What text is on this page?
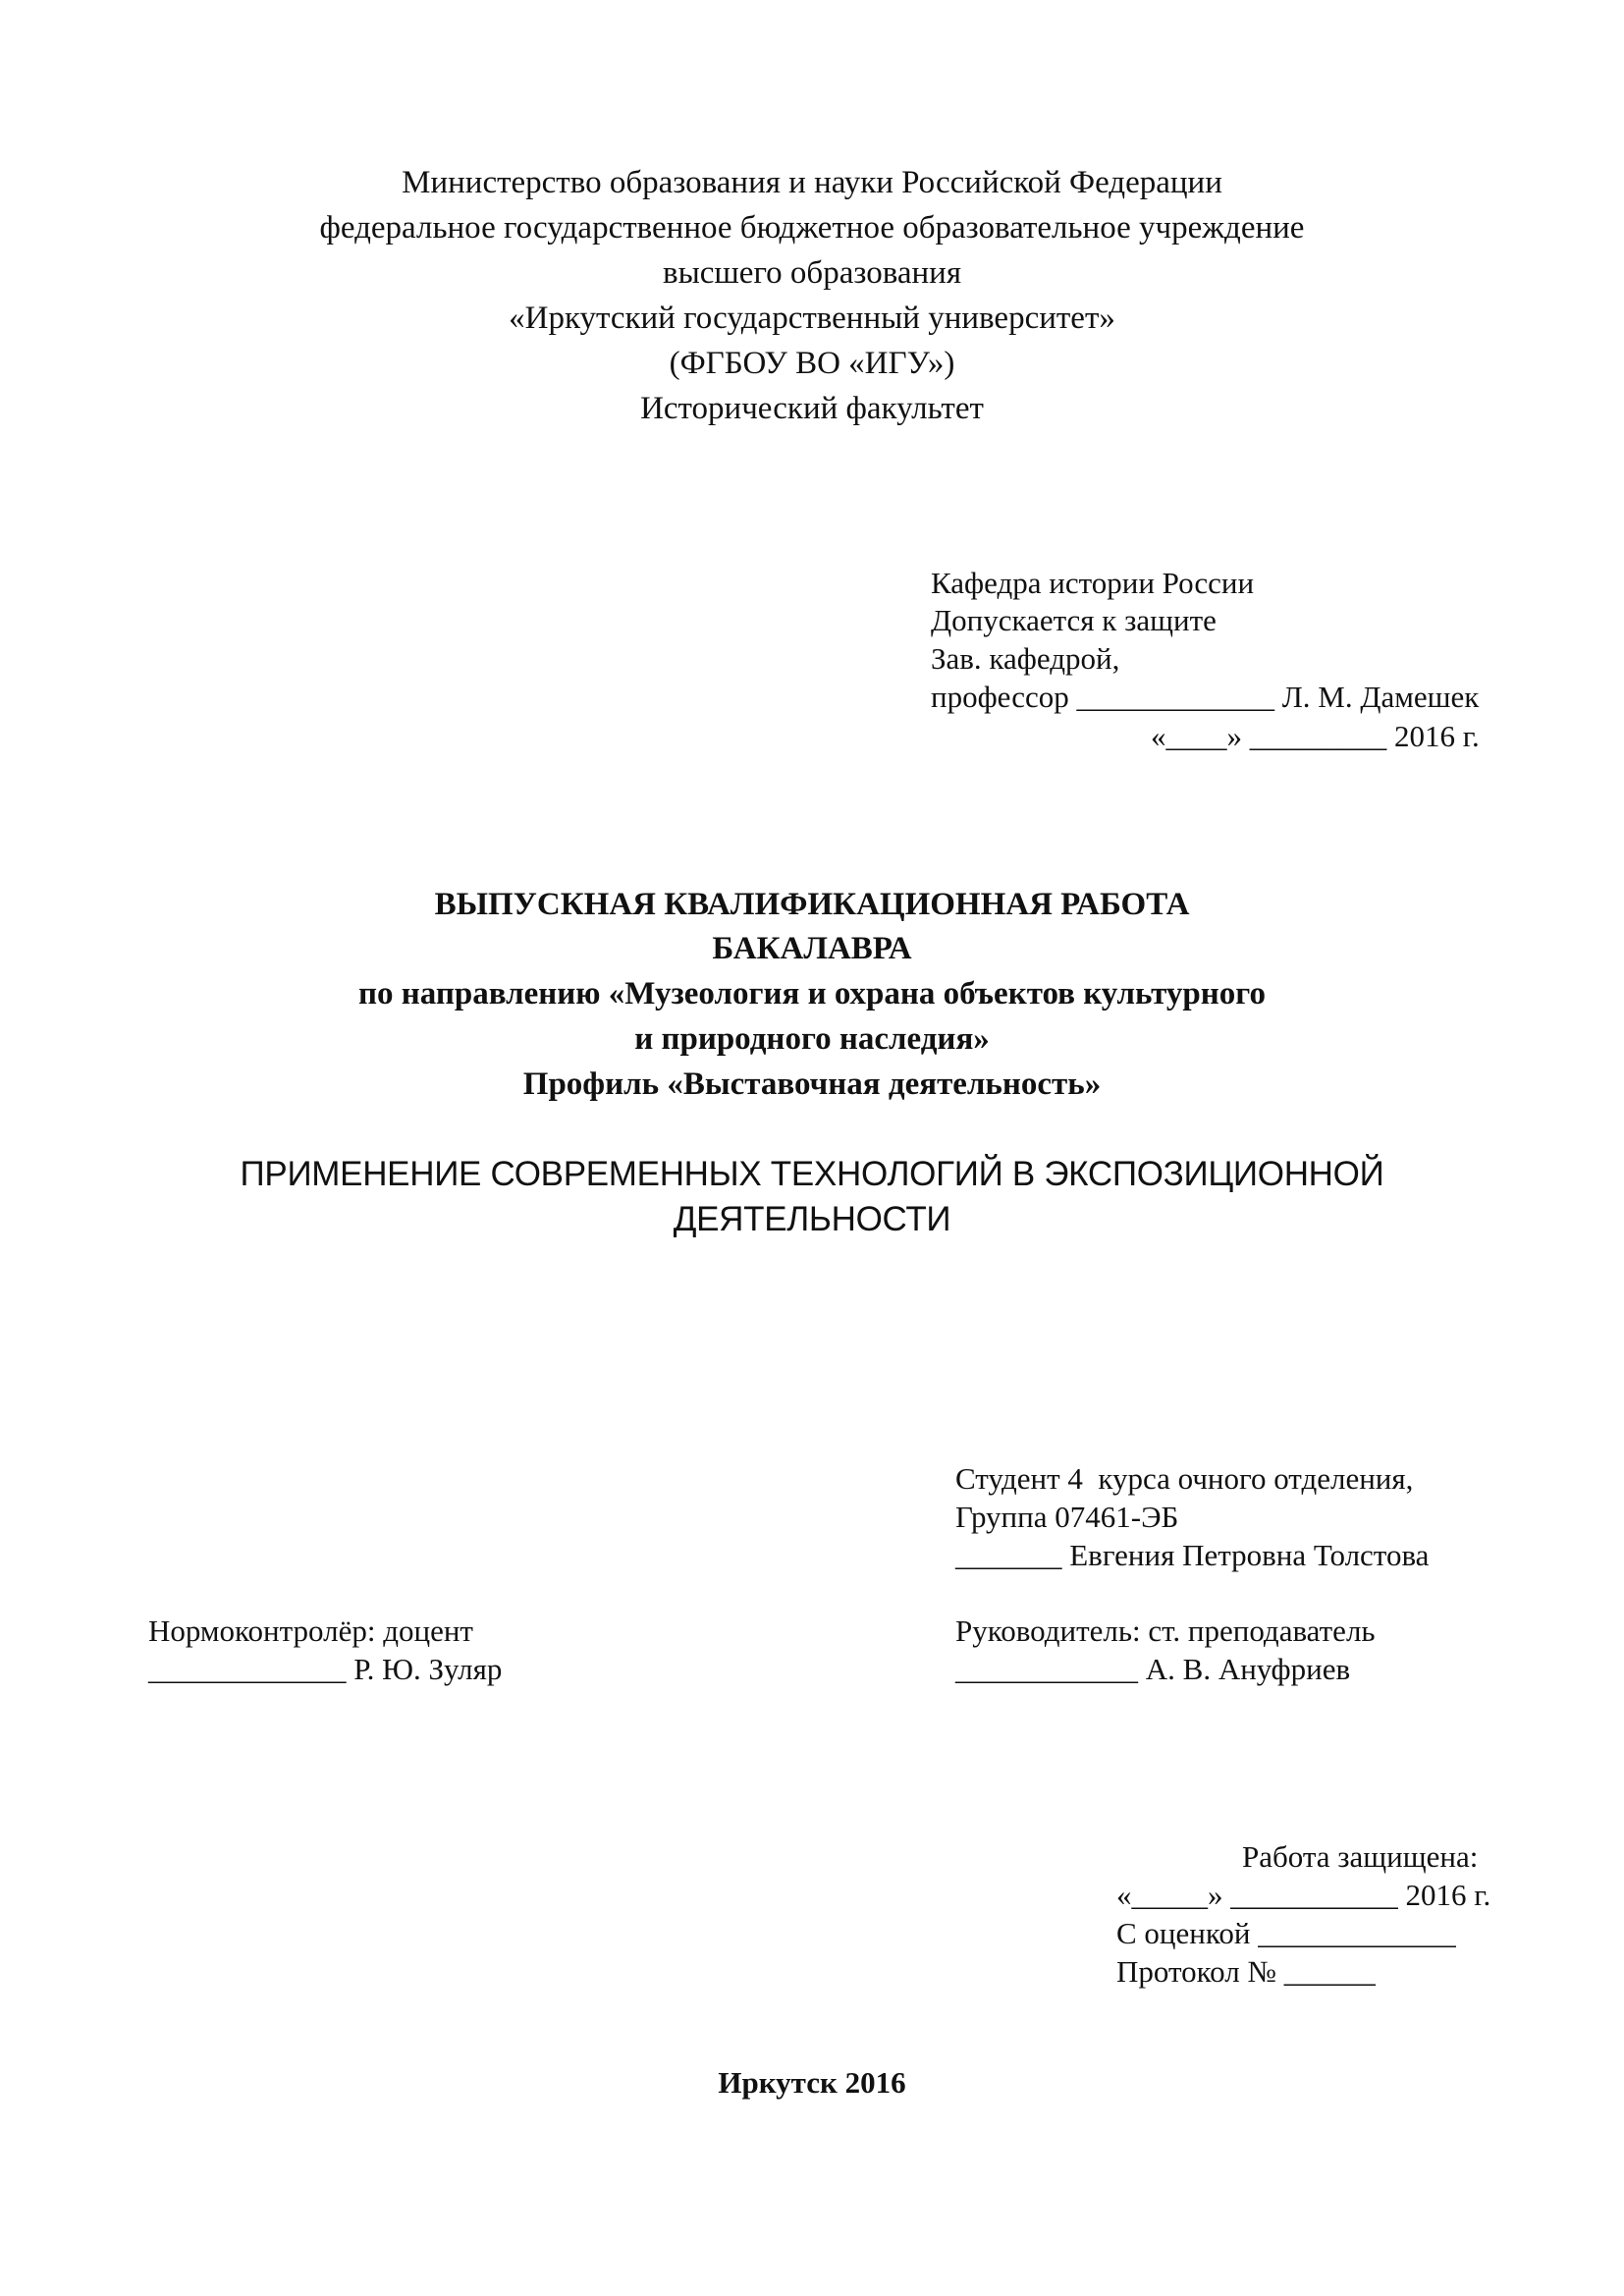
Министерство образования и науки Российской Федерации
федеральное государственное бюджетное образовательное учреждение
высшего образования
«Иркутский государственный университет»
(ФГБОУ ВО «ИГУ»)
Исторический факультет
Кафедра истории России
Допускается к защите
Зав. кафедрой,
профессор _____________ Л. М. Дамешек
«____» _________ 2016 г.
ВЫПУСКНАЯ КВАЛИФИКАЦИОННАЯ РАБОТА
БАКАЛАВРА
по направлению «Музеология и охрана объектов культурного
и природного наследия»
Профиль «Выставочная деятельность»
ПРИМЕНЕНИЕ СОВРЕМЕННЫХ ТЕХНОЛОГИЙ В ЭКСПОЗИЦИОННОЙ
ДЕЯТЕЛЬНОСТИ
Студент 4  курса очного отделения,
Группа 07461-ЭБ
_______ Евгения Петровна Толстова
Нормоконтролёр: доцент
_____________ Р. Ю. Зуляр
Руководитель: ст. преподаватель
____________ А. В. Ануфриев
Работа защищена:
«_____» ___________ 2016 г.
С оценкой _____________
Протокол № ______
Иркутск 2016
